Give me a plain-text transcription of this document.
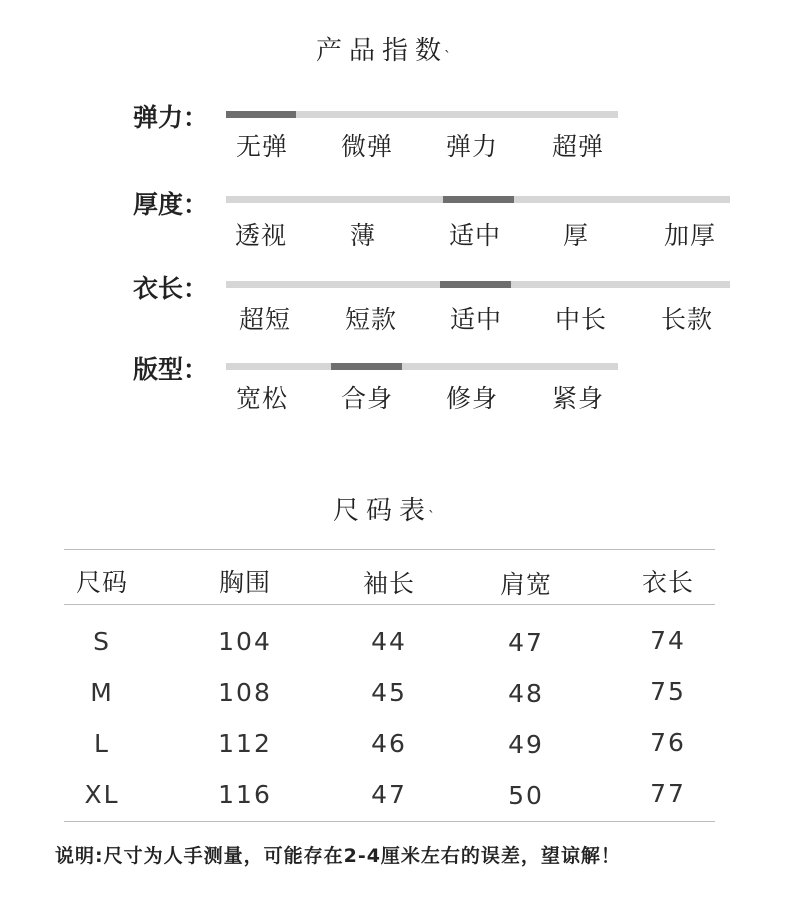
产品指数$^ˎ$
弹力：
无弹 微弹 弹力 超弹
厚度：
透视	薄	适中 厚	加厚
衣长：
超短 短款 适中 中长 长款
版型：
宽松 合身 修身 紧身
尺码表$^ˎ$
尺码	胸围	袖长	肩宽	衣长
S	104	44	47	74
M	108	45	48	75
L	112	46	49	76
XL	116	47	50	77
说明:尺寸为人手测量，可能存在2-4厘米左右的误差，望谅解！
